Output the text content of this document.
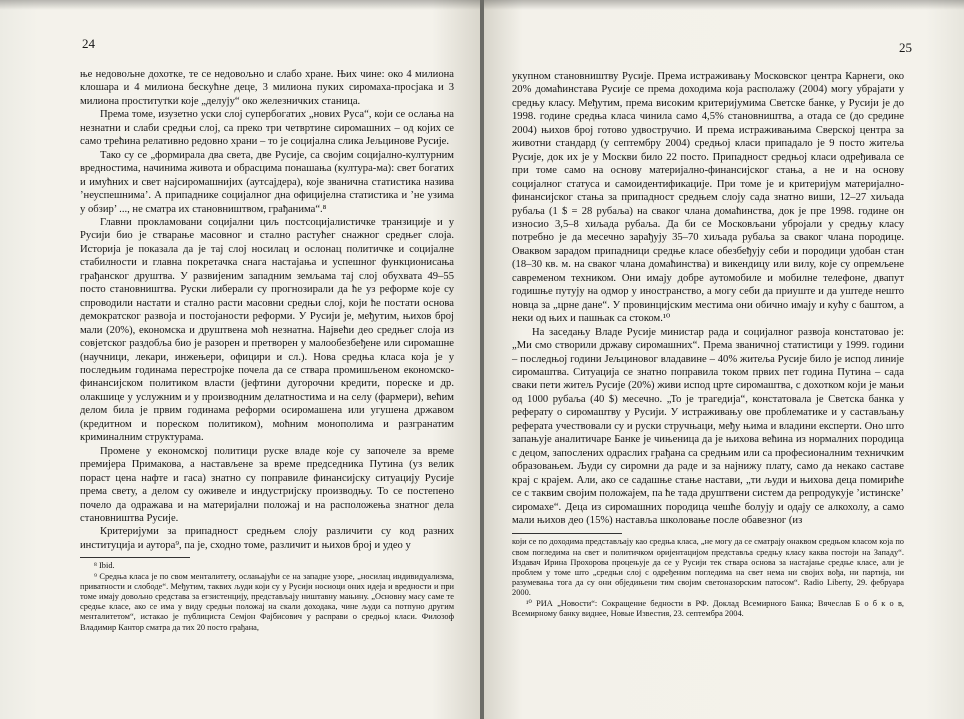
24

ње недовољне дохотке, те се недовољно и слабо хране. Њих чине: око 4 милиона клошара и 4 милиона бескућне деце, 3 милиона пуких сиромаха-просјака и 3 милиона проститутки које „делују“ око железничких станица.

Према томе, изузетно уски слој супербогатих „нових Руса“, који се ослања на незнатни и слаби средњи слој, са преко три четвртине сиромашних – од којих се само трећина релативно редовно храни – то је социјална слика Јељцинове Русије.

Тако су се „формирала два света, две Русије, са својим социјално-културним вредностима, начинима живота и обрасцима понашања (култура-ма): свет богатих и имућних и свет најсиромашнијих (аутсајдера), које званична статистика назива ’неуспешнима’. А припаднике социјалног дна официјелна статистика и ’не узима у обзир’ ..., не сматра их становништвом, грађанима“.⁸

Главни прокламовани социјални циљ постсоцијалистичке транзиције и у Русији био је стварање масовног и стално растућег снажног средњег слоја. Историја је показала да је тај слој носилац и ослонац политичке и социјалне стабилности и главна покретачка снага настајања и успешног функционисања грађанског друштва. У развијеним западним земљама тај слој обухвата 49–55 посто становништва. Руски либерали су прогнозирали да ће уз реформе које су спроводили настати и стално расти масовни средњи слој, који ће постати основа демократског развоја и постојаности реформи. У Русији је, међутим, њихов број мали (20%), економска и друштвена моћ незнатна. Највећи део средњег слоја из совјетског раздобља био је разорен и претворен у малообезбеђене или сиромашне (научници, лекари, инжењери, официри и сл.). Нова средња класа која је у последњим годинама перестројке почела да се ствара промишљеном економско-финансијском политиком власти (јефтини дугорочни кредити, пореске и др. олакшице у услужним и у производним делатностима и на селу (фармери), већим делом била је првим годинама реформи осиромашена или угушена државом (кредитном и пореском политиком), моћним монополима и разгранатим криминалним структурама.

Промене у економској политици руске владе које су започеле за време премијера Примакова, а настављене за време председника Путина (уз велик пораст цена нафте и гаса) знатно су поправиле финансијску ситуацију Русије према свету, а делом су оживеле и индустријску производњу. То се постепено почело да одражава и на материјални положај и на расположења знатног дела становништва Русије.

Критеријуми за припадност средњем слоју различити су код разних институција и аутора⁹, па је, сходно томе, различит и њихов број и удео у

⁸ Ibid.
⁹ Средња класа је по свом менталитету, ослањајући се на западне узоре, „носилац индивидуализма, приватности и слободе“. Међутим, таквих људи који су у Русији носиоци оних идеја и вредности и при томе имају довољно средстава за егзистенцију, представљају ништавну мањину. „Основну масу саме те средње класе, ако се има у виду средњи положај на скали доходака, чине људи са потпуно другим менталитетом“, истакао је публициста Семјон Фајбисович у расправи о средњој класи. Филозоф Владимир Кантор сматра да тих 20 посто грађана,
25

укупном становништву Русије. Према истраживању Московског центра Карнеги, око 20% домаћинстава Русије се према доходима која располажу (2004) могу убрајати у средњу класу. Међутим, према високим критеријумима Светске банке, у Русији је до 1998. године средња класа чинила само 4,5% становништва, а отада се (до средине 2004) њихов број готово удвостручио. И према истраживањима Сверској центра за животни стандард (у септембру 2004) средњој класи припадало је 9 посто житеља Русије, док их је у Москви било 22 посто. Припадност средњој класи одређивала се при томе само на основу материјално-финансијског стања, а не и на основу социјалног статуса и самоидентификације. При томе је и критеријум материјално-финансијског стања за припадност средњем слоју сада знатно виши, 12–27 хиљада рубаља (1 $ = 28 рубаља) на сваког члана домаћинства, док је пре 1998. године он износио 3,5–8 хиљада рубаља. Да би се Московљани убројали у средњу класу потребно је да месечно зарађују 35–70 хиљада рубаља за сваког члана породице. Оваквом зарадом припадници средње класе обезбеђују себи и породици удобан стан (18–30 кв. м. на сваког члана домаћинства) и викендицу или вилу, које су опремљене савременом техником. Они имају добре аутомобиле и мобилне телефоне, двапут годишње путују на одмор у иностранство, а могу себи да приуште и да уштеде нешто новца за „црне дане“. У провинцијским местима они обично имају и кућу с баштом, а неки од њих и пашњак са стоком.¹⁰

На заседању Владе Русије министар рада и социјалног развоја констатовао је: „Ми смо створили државу сиромашних“. Према званичној статистици у 1999. години – последњој години Јељциновог владавине – 40% житеља Русије било је испод линије сиромаштва. Ситуација се знатно поправила током првих пет година Путина – сада сваки пети житељ Русије (20%) живи испод црте сиромаштва, с дохотком који је мањи од 1000 рубаља (40 $) месечно. „То је трагедија“, констатовала је Светска банка у реферату о сиромаштву у Русији. У истраживању ове проблематике и у састављању реферата учествовали су и руски стручњаци, међу њима и владини експерти. Оно што запањује аналитичаре Банке је чињеница да је њихова већина из нормалних породица с децом, запослених одраслих грађана са средњим или са професионалним техничким образовањем. Људи су сиромни да раде и за најнижу плату, само да некако саставе крај с крајем. Али, ако се садашње стање настави, „ти људи и њихова деца помириће се с таквим својим положајем, па ће тада друштвени систем да репродукује ’истинске’ сиромахе“. Деца из сиромашних породица чешће болују и одају се алкохолу, а само мали њихов део (15%) наставља школовање после обавезног (из

који се по доходима представљају као средња класа, „не могу да се сматрају онаквом средњом класом која по свом погледима на свет и политичком оријентацијом представља средњу класу каква постоји на Западу“. Издавач Ирина Прохорова процењује да се у Русији тек ствара основа за настајање средње класе, али је проблем у томе што „средњи слој с одређеним погледима на свет нема ни својих вођа, ни партија, ни разумевања тога да су они обједињени тим својим светоназорским патосом“. Radio Liberty, 29. фебруара 2000.
¹⁰ РИА „Новости“: Сокращение бедности в РФ. Доклад Всемирного Банка; Вячеслав Б о б к о в, Всемирному банку виднее, Новые Известия, 23. септембра 2004.
